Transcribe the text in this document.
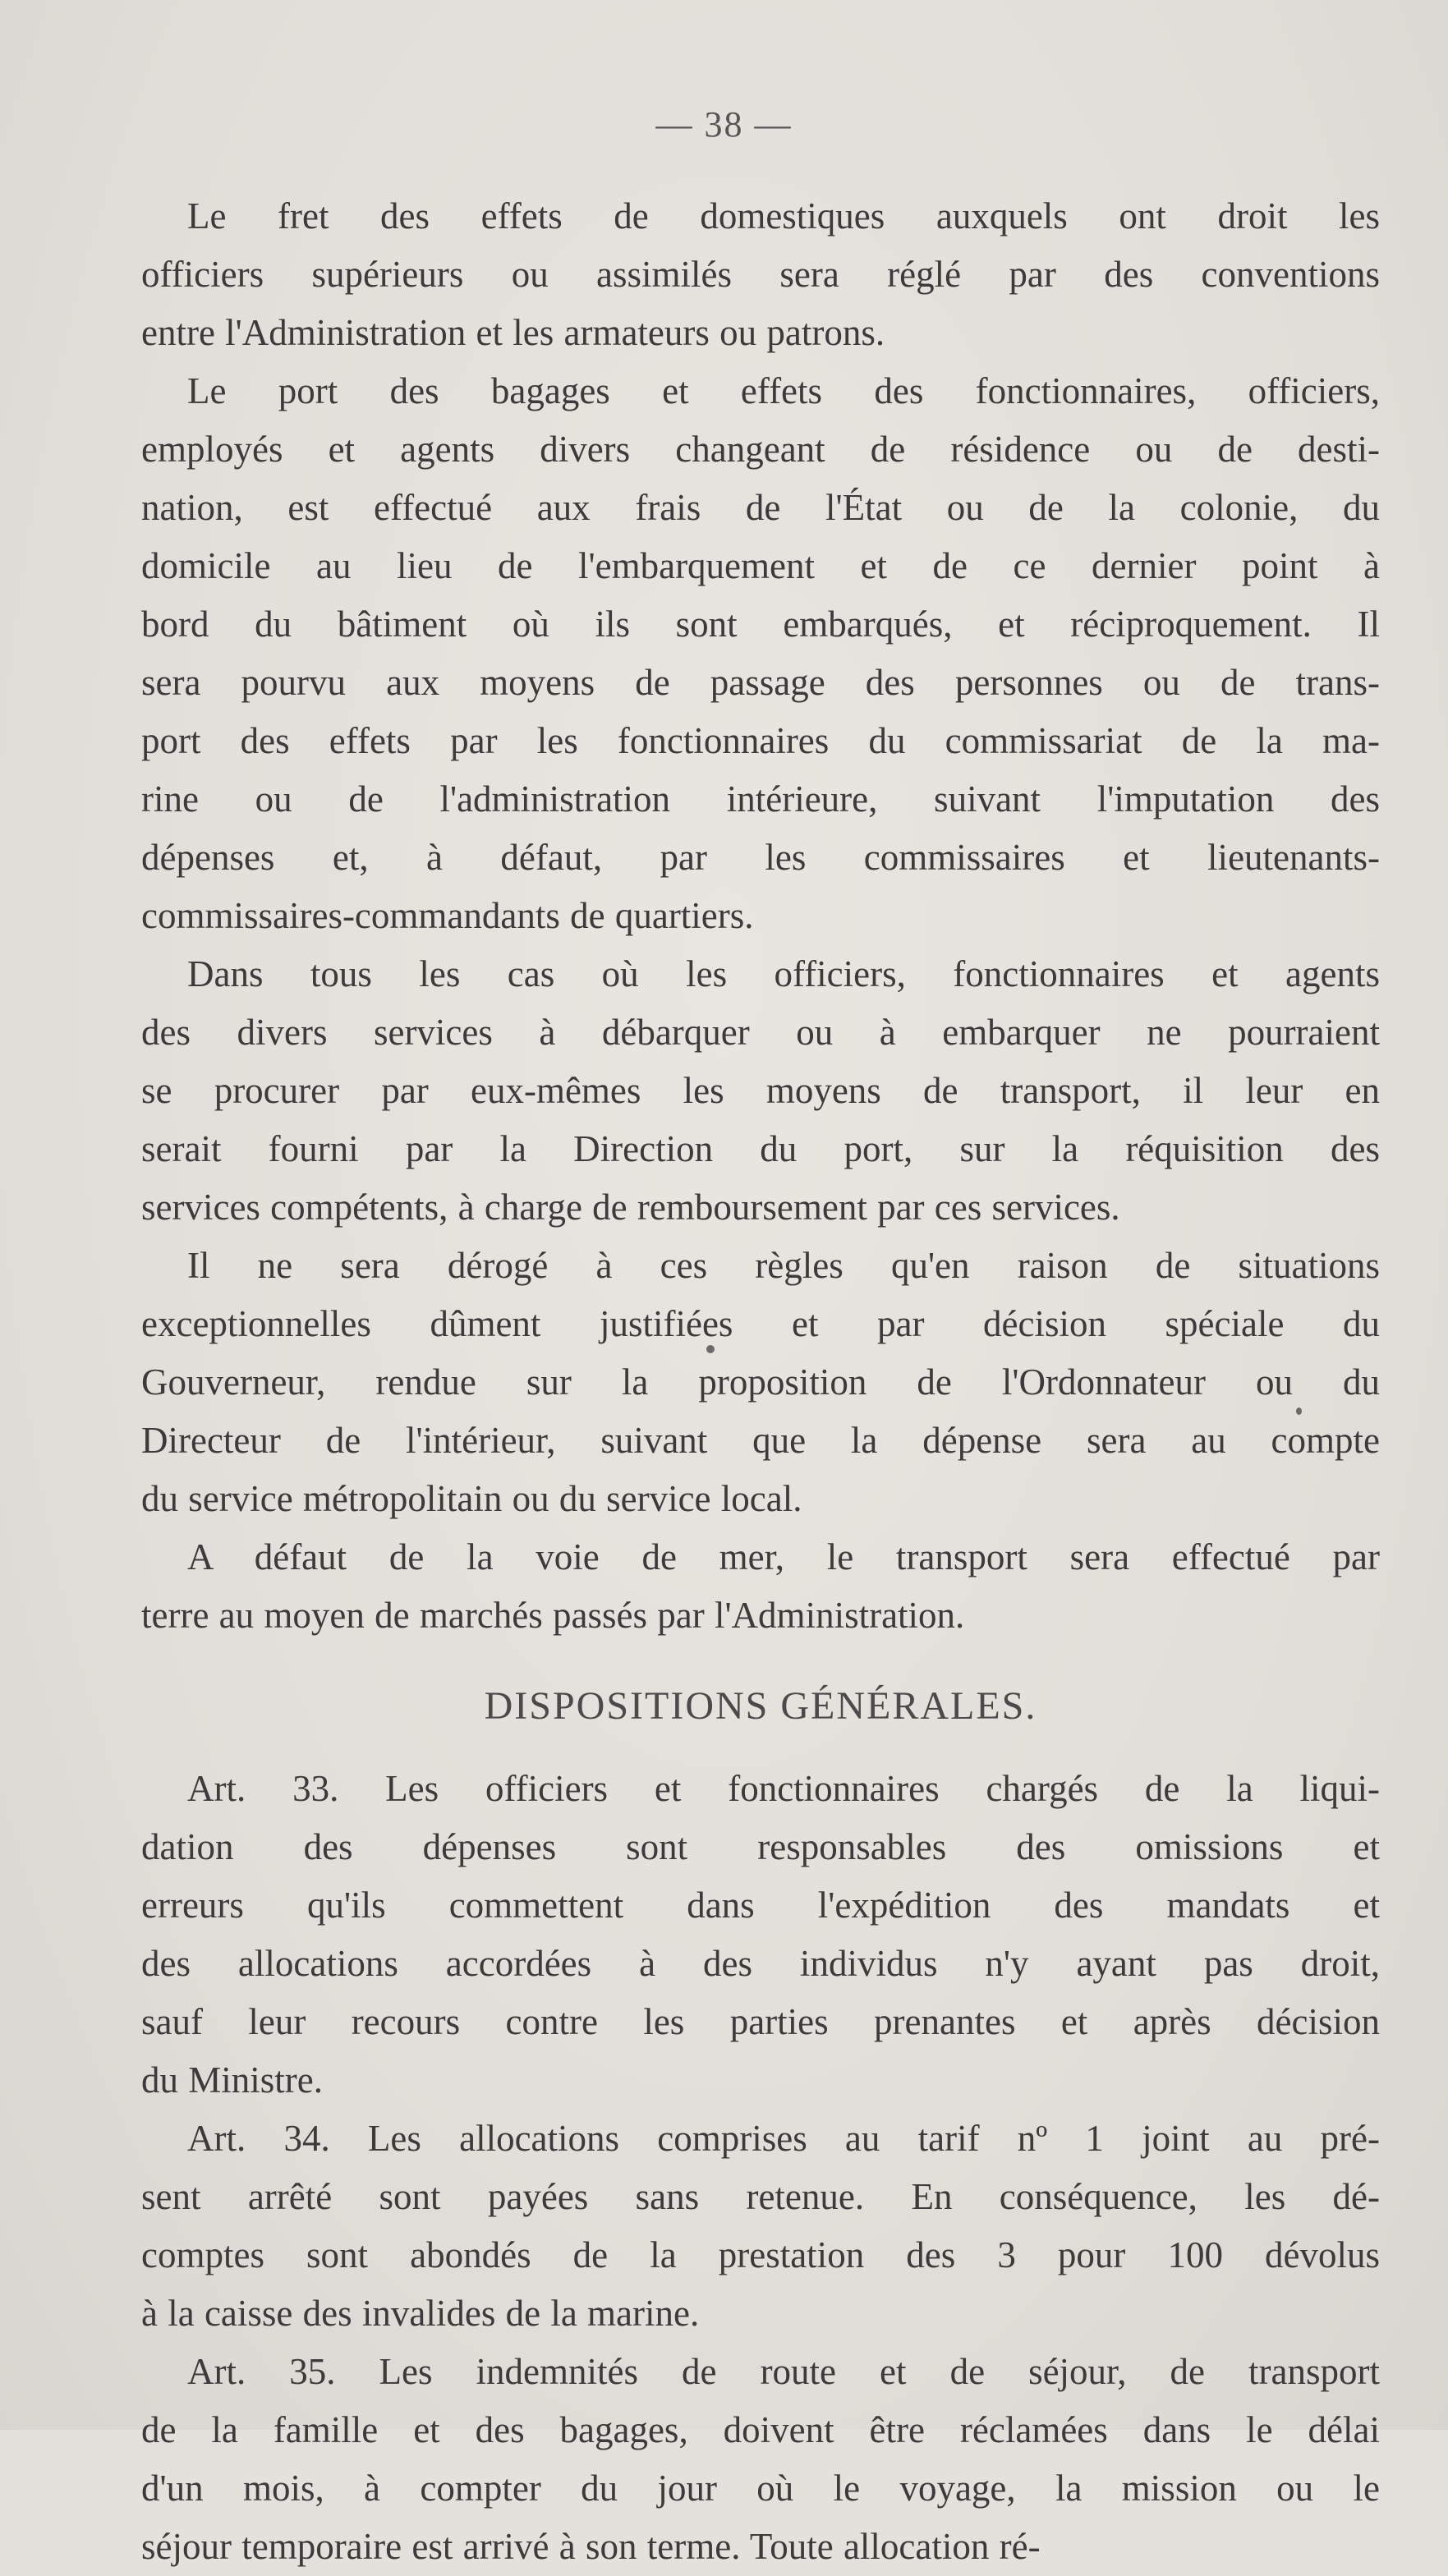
— 38 —
Le fret des effets de domestiques auxquels ont droit les
officiers supérieurs ou assimilés sera réglé par des conventions
entre l'Administration et les armateurs ou patrons.
Le port des bagages et effets des fonctionnaires, officiers,
employés et agents divers changeant de résidence ou de desti-
nation, est effectué aux frais de l'État ou de la colonie, du
domicile au lieu de l'embarquement et de ce dernier point à
bord du bâtiment où ils sont embarqués, et réciproquement. Il
sera pourvu aux moyens de passage des personnes ou de trans-
port des effets par les fonctionnaires du commissariat de la ma-
rine ou de l'administration intérieure, suivant l'imputation des
dépenses et, à défaut, par les commissaires et lieutenants-
commissaires-commandants de quartiers.
Dans tous les cas où les officiers, fonctionnaires et agents
des divers services à débarquer ou à embarquer ne pourraient
se procurer par eux-mêmes les moyens de transport, il leur en
serait fourni par la Direction du port, sur la réquisition des
services compétents, à charge de remboursement par ces services.
Il ne sera dérogé à ces règles qu'en raison de situations
exceptionnelles dûment justifiées et par décision spéciale du
Gouverneur, rendue sur la proposition de l'Ordonnateur ou du
Directeur de l'intérieur, suivant que la dépense sera au compte
du service métropolitain ou du service local.
A défaut de la voie de mer, le transport sera effectué par
terre au moyen de marchés passés par l'Administration.
DISPOSITIONS GÉNÉRALES.
Art. 33. Les officiers et fonctionnaires chargés de la liqui-
dation des dépenses sont responsables des omissions et
erreurs qu'ils commettent dans l'expédition des mandats et
des allocations accordées à des individus n'y ayant pas droit,
sauf leur recours contre les parties prenantes et après décision
du Ministre.
Art. 34. Les allocations comprises au tarif nº 1 joint au pré-
sent arrêté sont payées sans retenue. En conséquence, les dé-
comptes sont abondés de la prestation des 3 pour 100 dévolus
à la caisse des invalides de la marine.
Art. 35. Les indemnités de route et de séjour, de transport
de la famille et des bagages, doivent être réclamées dans le délai
d'un mois, à compter du jour où le voyage, la mission ou le
séjour temporaire est arrivé à son terme. Toute allocation ré-
